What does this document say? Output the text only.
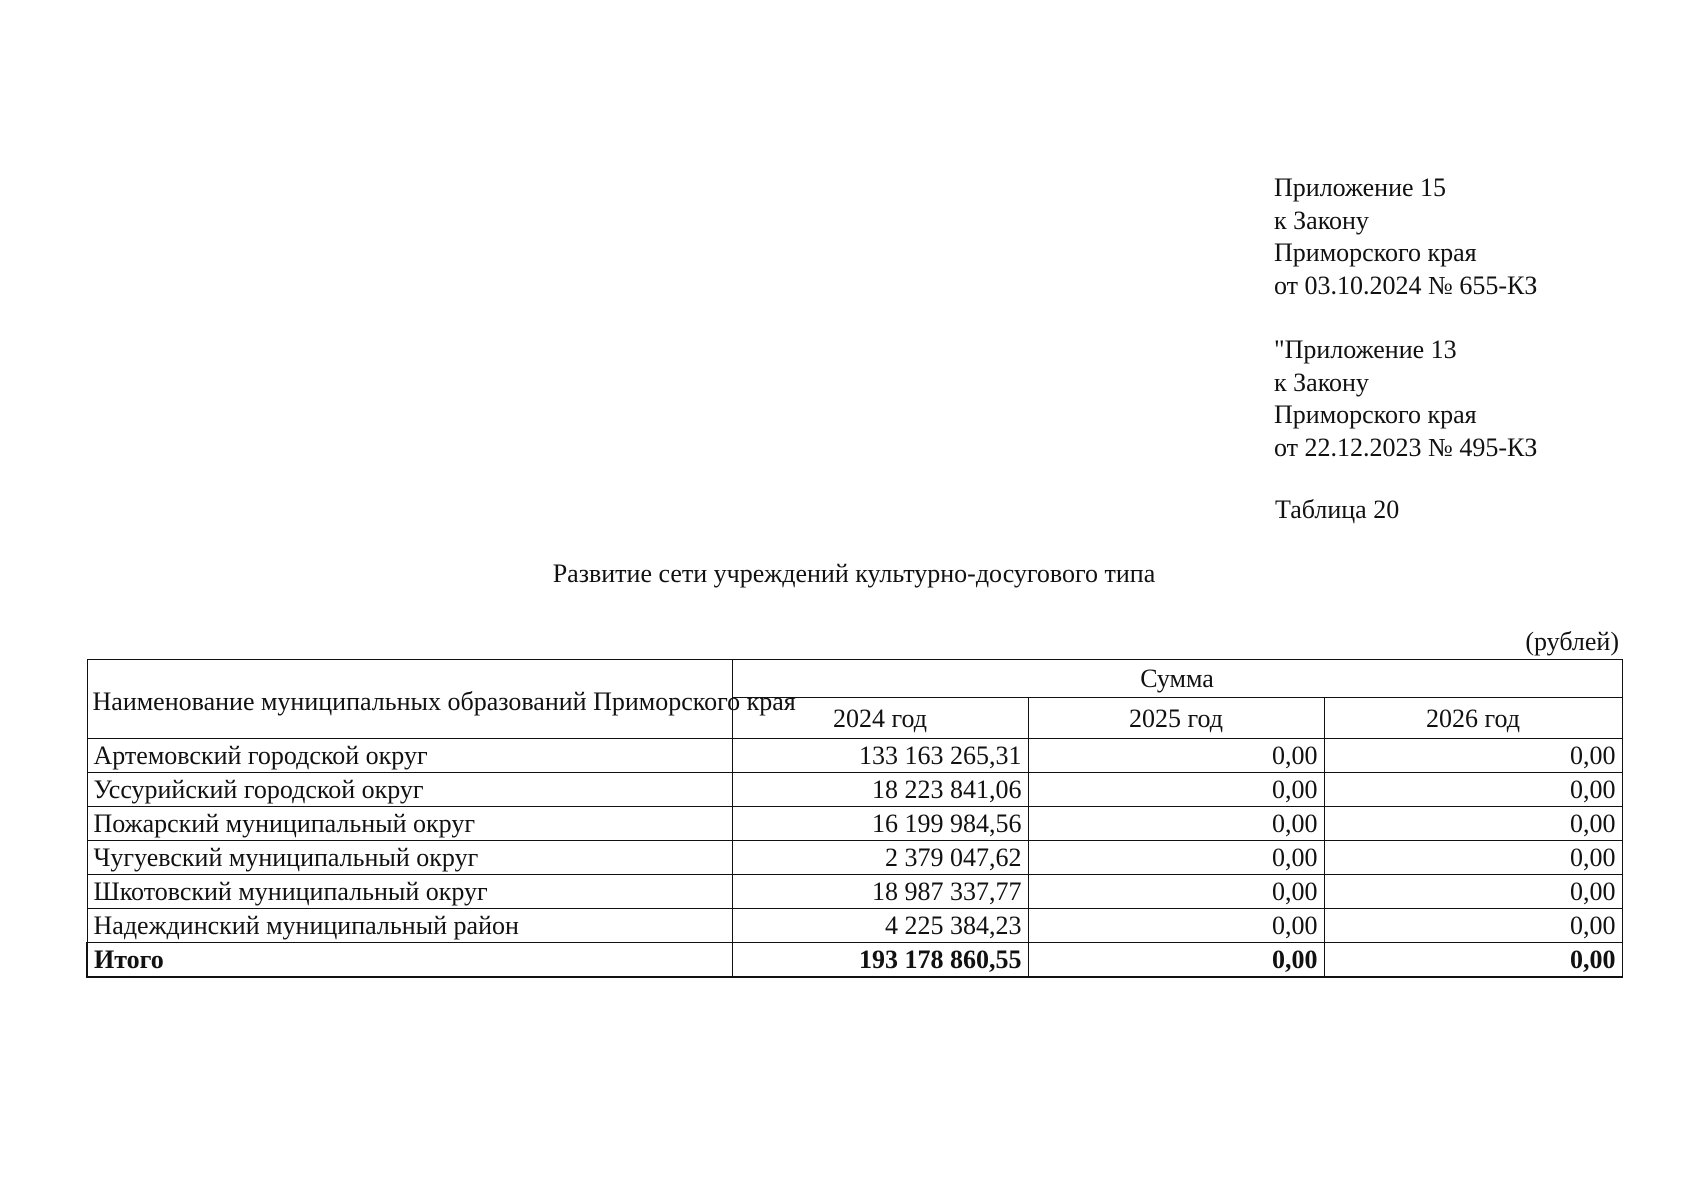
Приложение 15
к Закону
Приморского края
от 03.10.2024 № 655-КЗ
"Приложение 13
к Закону
Приморского края
от 22.12.2023 № 495-КЗ
Таблица 20
Развитие сети учреждений культурно-досугового типа
(рублей)
Наименование муниципальных образований Приморского края	Сумма		
	2024 год	2025 год	2026 год
Артемовский городской округ	133 163 265,31	0,00	0,00
Уссурийский городской округ	18 223 841,06	0,00	0,00
Пожарский муниципальный округ	16 199 984,56	0,00	0,00
Чугуевский муниципальный округ	2 379 047,62	0,00	0,00
Шкотовский муниципальный округ	18 987 337,77	0,00	0,00
Надеждинский муниципальный район	4 225 384,23	0,00	0,00
Итого	193 178 860,55	0,00	0,00
